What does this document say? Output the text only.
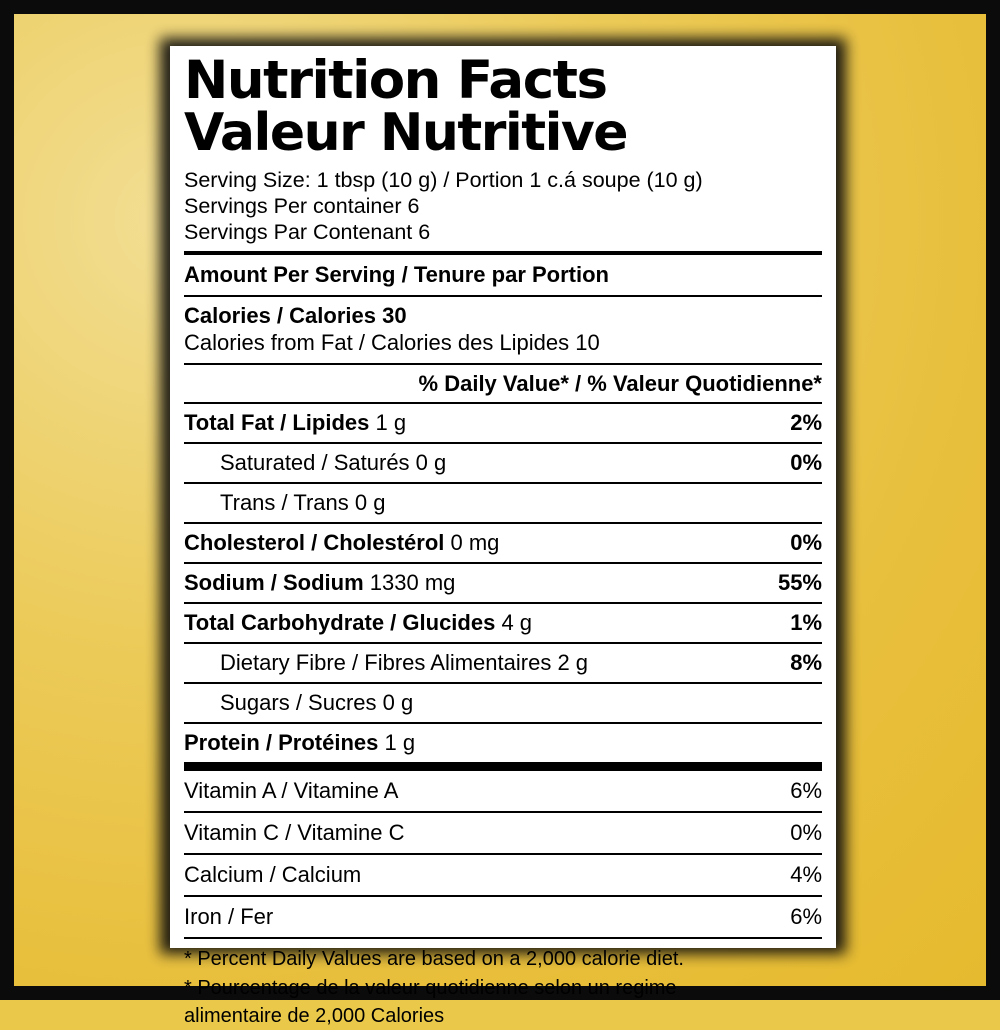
Nutrition Facts
Valeur Nutritive
Serving Size: 1 tbsp (10 g) / Portion 1 c.á soupe (10 g)
Servings Per container 6
Servings Par Contenant 6
Amount Per Serving / Tenure par Portion
Calories / Calories 30
Calories from Fat / Calories des Lipides 10
% Daily Value* / % Valeur Quotidienne*
Total Fat / Lipides 1 g	2%
Saturated / Saturés 0 g	0%
Trans / Trans 0 g
Cholesterol / Cholestérol 0 mg	0%
Sodium / Sodium 1330 mg	55%
Total Carbohydrate / Glucides 4 g	1%
Dietary Fibre / Fibres Alimentaires 2 g	8%
Sugars / Sucres 0 g
Protein / Protéines 1 g
Vitamin A / Vitamine A	6%
Vitamin C / Vitamine C	0%
Calcium / Calcium	4%
Iron / Fer	6%
* Percent Daily Values are based on a 2,000 calorie diet.
* Pourcentage de la valeur quotidienne selon un regime
alimentaire de 2,000 Calories
